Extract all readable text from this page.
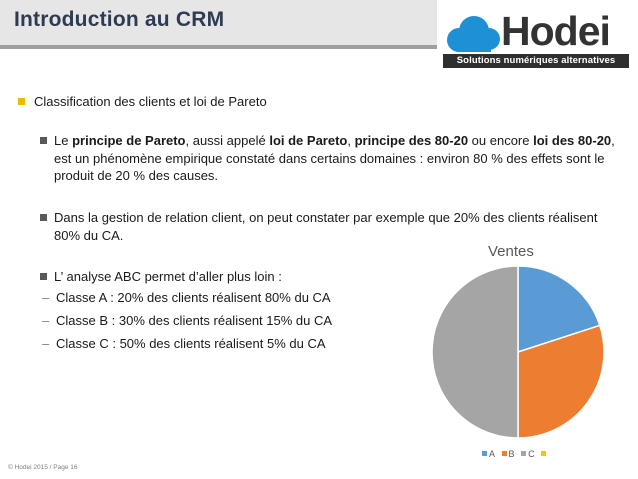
Introduction au CRM	Hodei
Solutions numériques alternatives
Classification des clients et loi de Pareto
Le principe de Pareto, aussi appelé loi de Pareto, principe des 80-20 ou encore loi des 80-20, est un phénomène empirique constaté dans certains domaines : environ 80 % des effets sont le produit de 20 % des causes.
Dans la gestion de relation client, on peut constater par exemple que 20% des clients réalisent 80% du CA.
L’ analyse ABC permet d’aller plus loin :
– Classe A : 20% des clients réalisent 80% du CA
– Classe B : 30% des clients réalisent 15% du CA
– Classe C : 50% des clients réalisent 5% du CA
Ventes
A B C
© Hodei 2015 / Page 16
